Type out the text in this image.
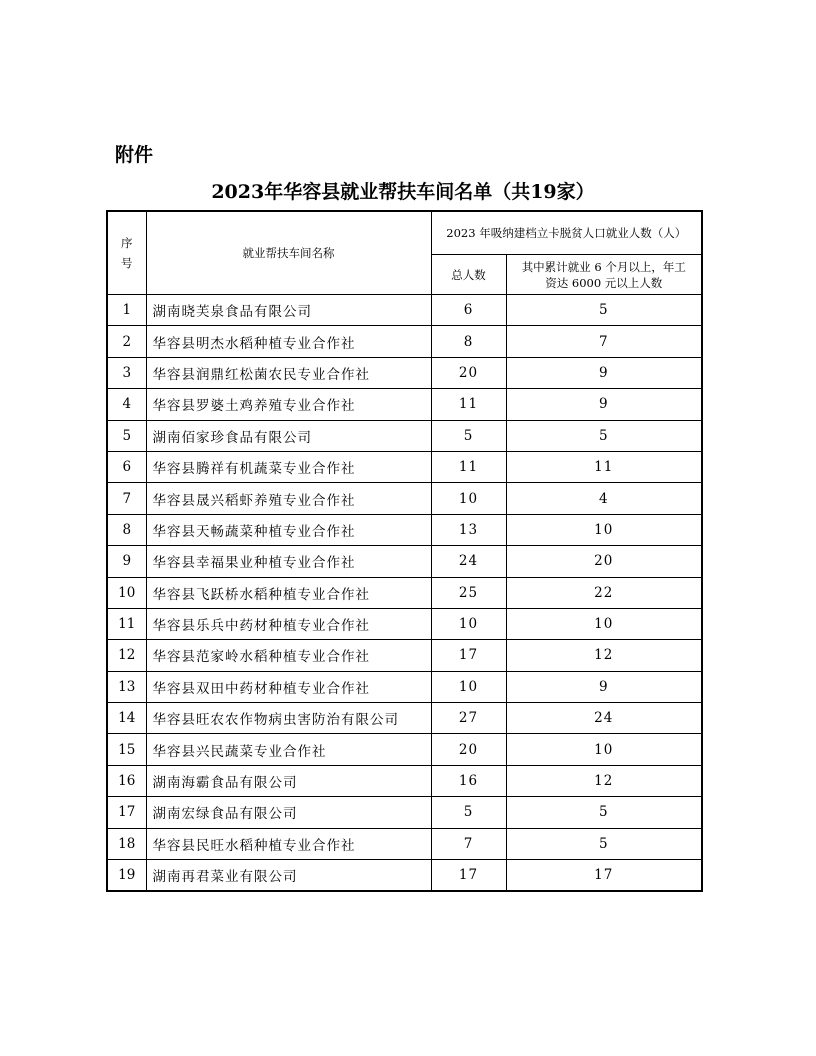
附件
2023年华容县就业帮扶车间名单（共19家）
序
号	就业帮扶车间名称	2023 年吸纳建档立卡脱贫人口就业人数（人）	
		总人数	其中累计就业 6 个月以上，年工
资达 6000 元以上人数

1	湖南晓芙泉食品有限公司	6	5
2	华容县明杰水稻种植专业合作社	8	7
3	华容县润鼎红松菌农民专业合作社	20	9
4	华容县罗婆土鸡养殖专业合作社	11	9
5	湖南佰家珍食品有限公司	5	5
6	华容县腾祥有机蔬菜专业合作社	11	11
7	华容县晟兴稻虾养殖专业合作社	10	4
8	华容县天畅蔬菜种植专业合作社	13	10
9	华容县幸福果业种植专业合作社	24	20
10	华容县飞跃桥水稻种植专业合作社	25	22
11	华容县乐兵中药材种植专业合作社	10	10
12	华容县范家岭水稻种植专业合作社	17	12
13	华容县双田中药材种植专业合作社	10	9
14	华容县旺农农作物病虫害防治有限公司	27	24
15	华容县兴民蔬菜专业合作社	20	10
16	湖南海霸食品有限公司	16	12
17	湖南宏绿食品有限公司	5	5
18	华容县民旺水稻种植专业合作社	7	5
19	湖南再君菜业有限公司	17	17
